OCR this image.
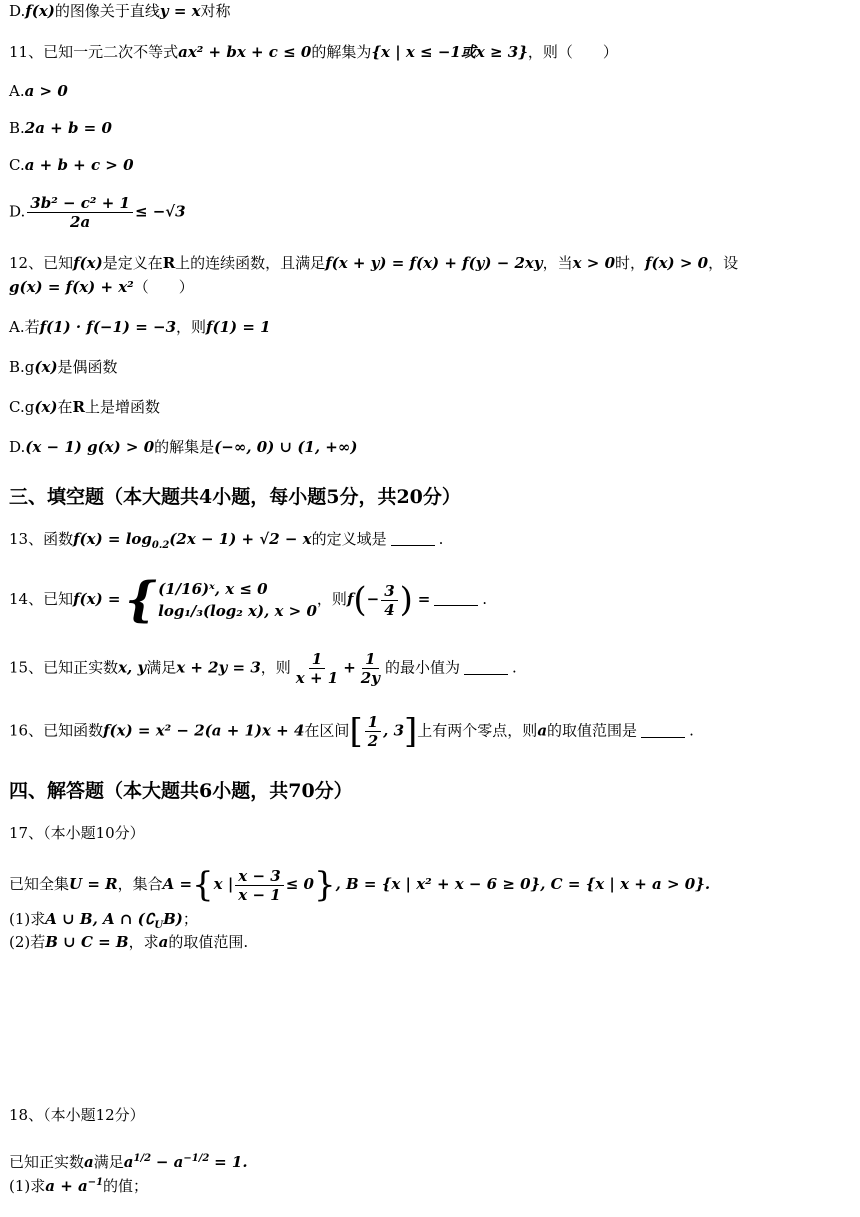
D.f(x)的图像关于直线y = x对称
11、已知一元二次不等式ax² + bx + c ≤ 0的解集为{x | x ≤ −1或x ≥ 3}，则（　　）
A.a > 0
B.2a + b = 0
C.a + b + c > 0
D. $\frac{\text{3b² − c² + 1}}{2a} \le -√3$
12、已知f(x)是定义在R上的连续函数，且满足f(x + y) = f(x) + f(y) − 2xy，当x > 0时，f(x) > 0，设
g(x) = f(x) + x²（　　）
A.若f(1) · f(−1) = −3，则f(1) = 1
B.g(x)是偶函数
C.g(x)在R上是增函数
D.(x − 1) g(x) > 0的解集是(−∞, 0) ∪ (1, +∞)
三、填空题（本大题共4小题，每小题5分，共20分）
13、函数$f(x) = \log_{0.2}(2x - 1) + √2 - x$的定义域是	.
14、已知f(x) = { (1/16)ˣ, x ≤ 0
log₁/₃(log₂ x), x > 0
，则$f(- \frac{3}{4}$ ) =	.
15、已知正实数x, y满足x + 2y = 3，则 $\frac{1}{x + 1} + \frac{1}{2y}$ 的最小值为	.
16、已知函数f(x) = x² − 2(a + 1)x + 4在区间[ $\frac{1}{2}$ , 3]上有两个零点，则a的取值范围是	.
四、解答题（本大题共6小题，共70分）
17、（本小题10分）
已知全集U = R，集合A ={x | $\frac{x - 3}{x - 1} \le 0$}, B = {x | x² + x − 6 ≥ 0}, C = {x | x + a > 0}.
(1)求A ∪ B, A ∩ $(∁_UB)$；
(2)若B ∪ C = B，求a的取值范围.
18、（本小题12分）
已知正实数a满足$a^{1/2} - a^{-1/2} = 1$.
(1)求$a + a^{-1}$的值；
